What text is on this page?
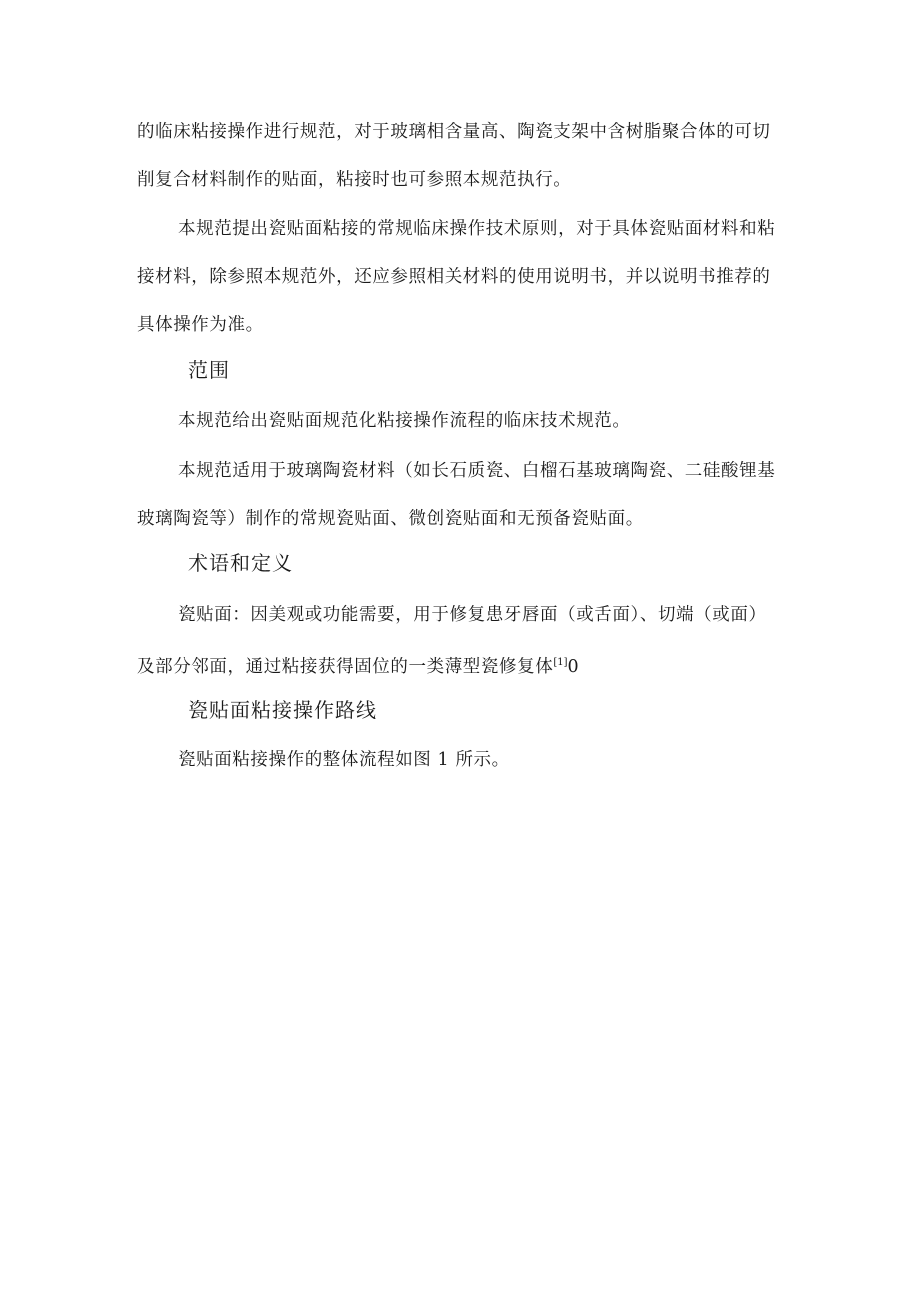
的临床粘接操作进行规范，对于玻璃相含量高、陶瓷支架中含树脂聚合体的可切
削复合材料制作的贴面，粘接时也可参照本规范执行。
本规范提出瓷贴面粘接的常规临床操作技术原则，对于具体瓷贴面材料和粘
接材料，除参照本规范外，还应参照相关材料的使用说明书，并以说明书推荐的
具体操作为准。
范围
本规范给出瓷贴面规范化粘接操作流程的临床技术规范。
本规范适用于玻璃陶瓷材料（如长石质瓷、白榴石基玻璃陶瓷、二硅酸锂基
玻璃陶瓷等）制作的常规瓷贴面、微创瓷贴面和无预备瓷贴面。
术语和定义
瓷贴面：因美观或功能需要，用于修复患牙唇面（或舌面）、切端（或面）
及部分邻面，通过粘接获得固位的一类薄型瓷修复体[1]0
瓷贴面粘接操作路线
瓷贴面粘接操作的整体流程如图 1 所示。
